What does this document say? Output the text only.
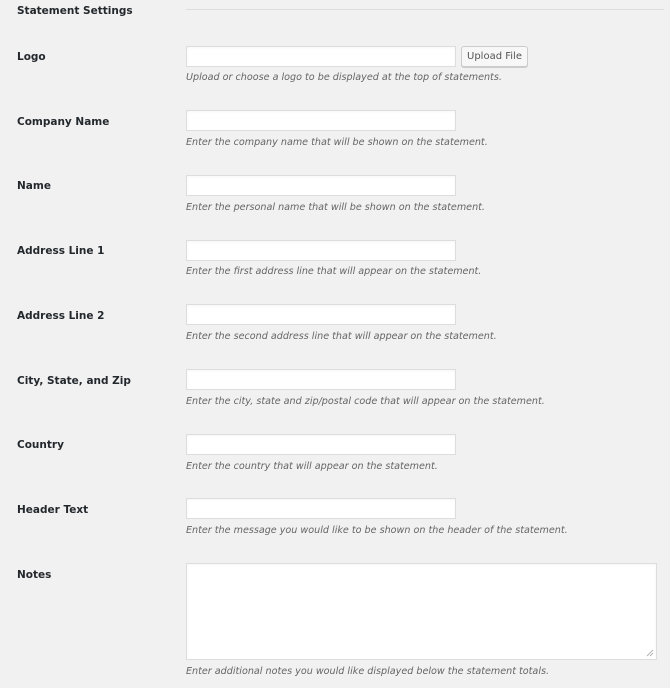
Statement Settings
Logo	Upload File
Upload or choose a logo to be displayed at the top of statements.
Company Name
Enter the company name that will be shown on the statement.
Name
Enter the personal name that will be shown on the statement.
Address Line 1
Enter the first address line that will appear on the statement.
Address Line 2
Enter the second address line that will appear on the statement.
City, State, and Zip
Enter the city, state and zip/postal code that will appear on the statement.
Country
Enter the country that will appear on the statement.
Header Text
Enter the message you would like to be shown on the header of the statement.
Notes
Enter additional notes you would like displayed below the statement totals.
